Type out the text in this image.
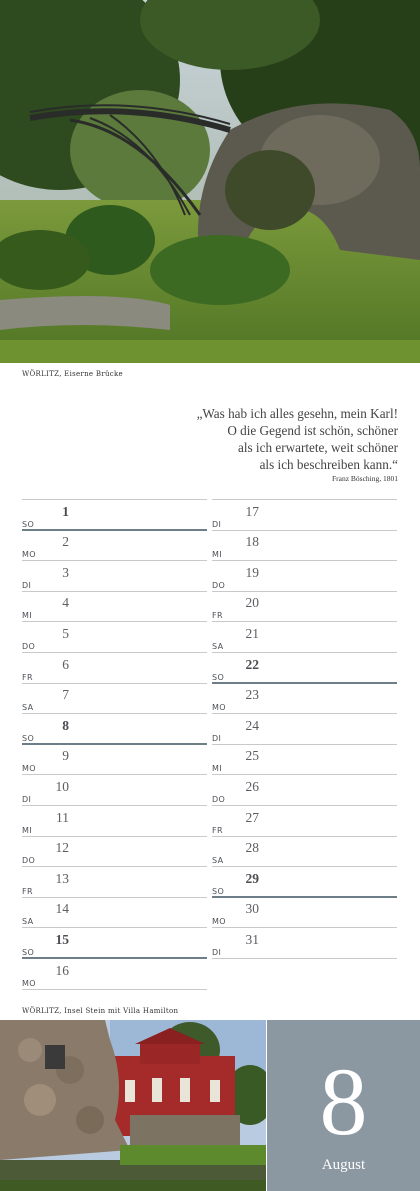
WÖRLITZ, Eiserne Brücke
„Was hab ich alles gesehn, mein Karl!
O die Gegend ist schön, schöner
als ich erwartete, weit schöner
als ich beschreiben kann.“
Franz Bösching, 1801
SO
1
MO
2
DI
3
MI
4
DO
5
FR
6
SA
7
SO
8
MO
9
DI
10
MI
11
DO
12
FR
13
SA
14
SO
15
MO
16
DI
17
MI
18
DO
19
FR
20
SA
21
SO
22
MO
23
DI
24
MI
25
DO
26
FR
27
SA
28
SO
29
MO
30
DI
31
WÖRLITZ, Insel Stein mit Villa Hamilton
8
August
